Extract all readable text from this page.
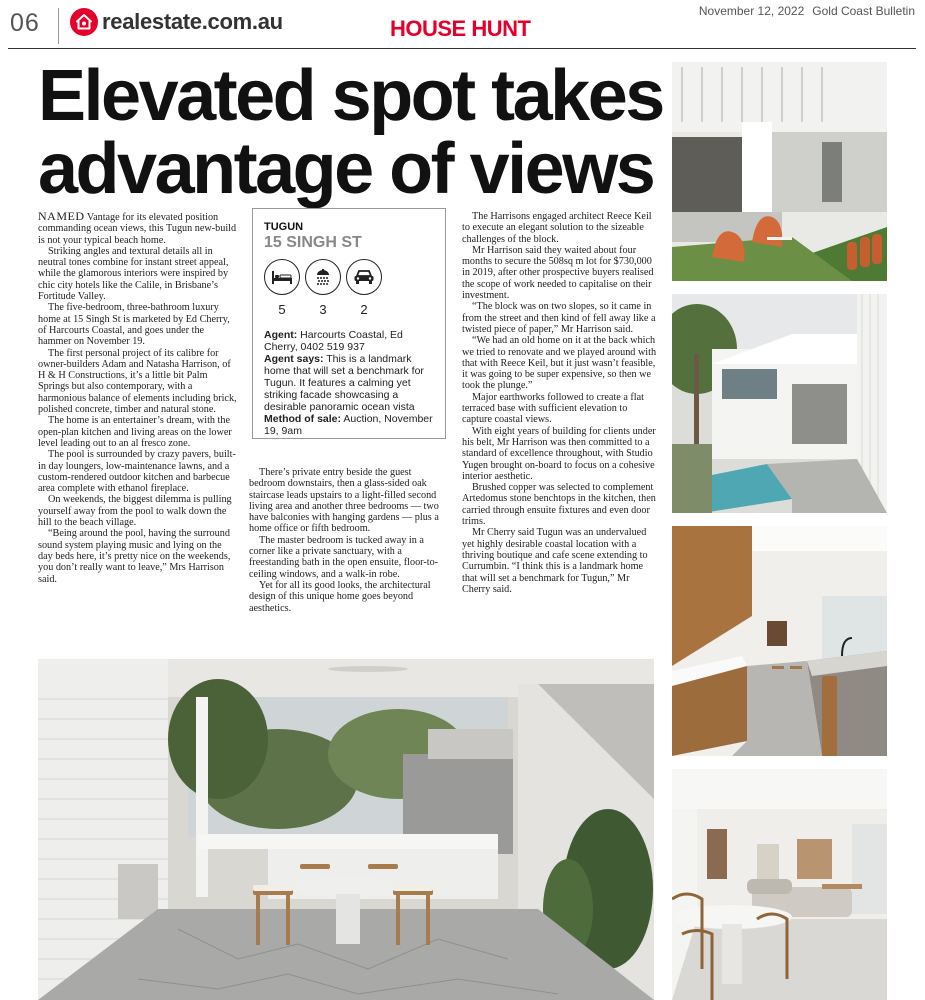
06	realestate.com.au	HOUSE HUNT
November 12, 2022 Gold Coast Bulletin
Elevated spot takes advantage of views

NAMED Vantage for its elevated position commanding ocean views, this Tugun new-build is not your typical beach home.

Striking angles and textural details all in neutral tones combine for instant street appeal, while the glamorous interiors were inspired by chic city hotels like the Calile, in Brisbane’s Fortitude Valley.

The five-bedroom, three-bathroom luxury home at 15 Singh St is marketed by Ed Cherry, of Harcourts Coastal, and goes under the hammer on November 19.

The first personal project of its calibre for owner-builders Adam and Natasha Harrison, of H & H Constructions, it’s a little bit Palm Springs but also contemporary, with a harmonious balance of elements including brick, polished concrete, timber and natural stone.

The home is an entertainer’s dream, with the open-plan kitchen and living areas on the lower level leading out to an al fresco zone.

The pool is surrounded by crazy pavers, built-in day loungers, low-maintenance lawns, and a custom-rendered outdoor kitchen and barbecue area complete with ethanol fireplace.

On weekends, the biggest dilemma is pulling yourself away from the pool to walk down the hill to the beach village.

“Being around the pool, having the surround sound system playing music and lying on the day beds here, it’s pretty nice on the weekends, you don’t really want to leave,” Mrs Harrison said.

TUGUN
15 SINGH ST
5	3	2

Agent: Harcourts Coastal, Ed Cherry, 0402 519 937

Agent says: This is a landmark home that will set a benchmark for Tugun. It features a calming yet striking facade showcasing a desirable panoramic ocean vista

Method of sale: Auction, November 19, 9am

There’s private entry beside the guest bedroom downstairs, then a glass-sided oak staircase leads upstairs to a light-filled second living area and another three bedrooms — two have balconies with hanging gardens — plus a home office or fifth bedroom.

The master bedroom is tucked away in a corner like a private sanctuary, with a freestanding bath in the open ensuite, floor-to-ceiling windows, and a walk-in robe.

Yet for all its good looks, the architectural design of this unique home goes beyond aesthetics.

The Harrisons engaged architect Reece Keil to execute an elegant solution to the sizeable challenges of the block.

Mr Harrison said they waited about four months to secure the 508sq m lot for $730,000 in 2019, after other prospective buyers realised the scope of work needed to capitalise on their investment.

“The block was on two slopes, so it came in from the street and then kind of fell away like a twisted piece of paper,” Mr Harrison said.

“We had an old home on it at the back which we tried to renovate and we played around with that with Reece Keil, but it just wasn’t feasible, it was going to be super expensive, so then we took the plunge.”

Major earthworks followed to create a flat terraced base with sufficient elevation to capture coastal views.

With eight years of building for clients under his belt, Mr Harrison was then committed to a standard of excellence throughout, with Studio Yugen brought on-board to focus on a cohesive interior aesthetic.

Brushed copper was selected to complement Artedomus stone benchtops in the kitchen, then carried through ensuite fixtures and even door trims.

Mr Cherry said Tugun was an undervalued yet highly desirable coastal location with a thriving boutique and cafe scene extending to Currumbin. “I think this is a landmark home that will set a benchmark for Tugun,” Mr Cherry said.
